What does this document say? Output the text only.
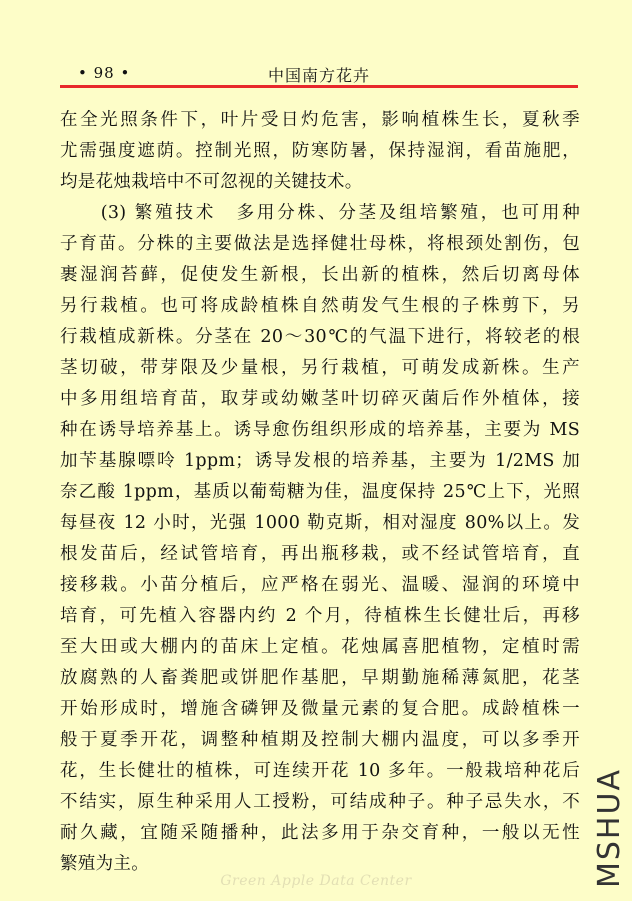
• 98 •	中国南方花卉
在全光照条件下，叶片受日灼危害，影响植株生长，夏秋季
尤需强度遮荫。控制光照，防寒防暑，保持湿润，看苗施肥，
均是花烛栽培中不可忽视的关键技术。
　　(3) 繁殖技术　多用分株、分茎及组培繁殖，也可用种
子育苗。分株的主要做法是选择健壮母株，将根颈处割伤，包
裹湿润苔藓，促使发生新根，长出新的植株，然后切离母体
另行栽植。也可将成龄植株自然萌发气生根的子株剪下，另
行栽植成新株。分茎在 20～30℃的气温下进行，将较老的根
茎切破，带芽限及少量根，另行栽植，可萌发成新株。生产
中多用组培育苗，取芽或幼嫩茎叶切碎灭菌后作外植体，接
种在诱导培养基上。诱导愈伤组织形成的培养基，主要为 MS
加苄基腺嘌呤 1ppm；诱导发根的培养基，主要为 1/2MS 加
奈乙酸 1ppm，基质以葡萄糖为佳，温度保持 25℃上下，光照
每昼夜 12 小时，光强 1000 勒克斯，相对湿度 80%以上。发
根发苗后，经试管培育，再出瓶移栽，或不经试管培育，直
接移栽。小苗分植后，应严格在弱光、温暖、湿润的环境中
培育，可先植入容器内约 2 个月，待植株生长健壮后，再移
至大田或大棚内的苗床上定植。花烛属喜肥植物，定植时需
放腐熟的人畜粪肥或饼肥作基肥，早期勤施稀薄氮肥，花茎
开始形成时，增施含磷钾及微量元素的复合肥。成龄植株一
般于夏季开花，调整种植期及控制大棚内温度，可以多季开
花，生长健壮的植株，可连续开花 10 多年。一般栽培种花后
不结实，原生种采用人工授粉，可结成种子。种子忌失水，不
耐久藏，宜随采随播种，此法多用于杂交育种，一般以无性
繁殖为主。
Green Apple Data Center	MSHUA
